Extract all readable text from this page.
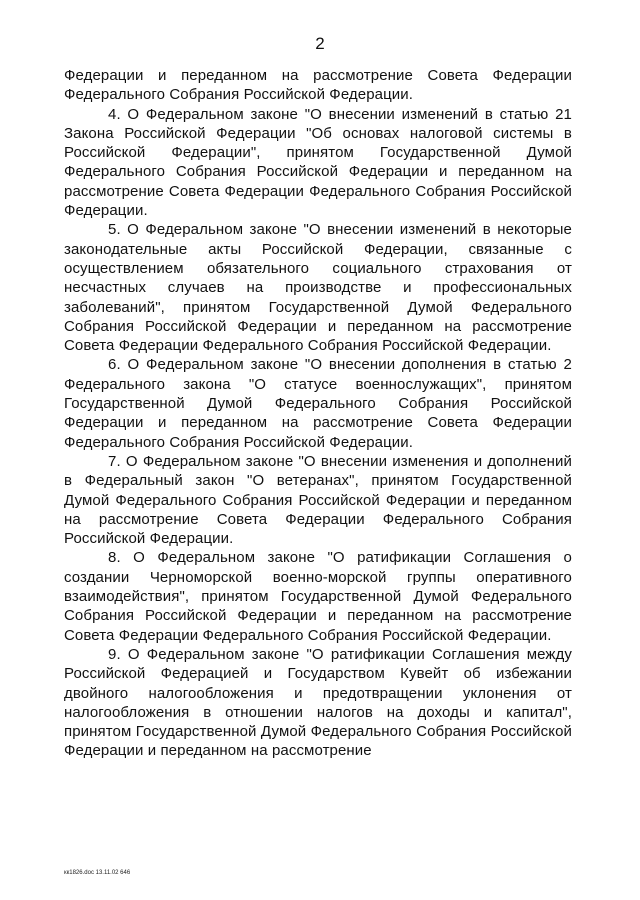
2

Федерации и переданном на рассмотрение Совета Федерации Федерального Собрания Российской Федерации.

4. О Федеральном законе "О внесении изменений в статью 21 Закона Российской Федерации "Об основах налоговой системы в Российской Федерации", принятом Государственной Думой Федерального Собрания Российской Федерации и переданном на рассмотрение Совета Федерации Федерального Собрания Российской Федерации.

5. О Федеральном законе "О внесении изменений в некоторые законодательные акты Российской Федерации, связанные с осуществлением обязательного социального страхования от несчастных случаев на производстве и профессиональных заболеваний", принятом Государственной Думой Федерального Собрания Российской Федерации и переданном на рассмотрение Совета Федерации Федерального Собрания Российской Федерации.

6. О Федеральном законе "О внесении дополнения в статью 2 Федерального закона "О статусе военнослужащих", принятом Государственной Думой Федерального Собрания Российской Федерации и переданном на рассмотрение Совета Федерации Федерального Собрания Российской Федерации.

7. О Федеральном законе "О внесении изменения и дополнений в Федеральный закон "О ветеранах", принятом Государственной Думой Федерального Собрания Российской Федерации и переданном на рассмотрение Совета Федерации Федерального Собрания Российской Федерации.

8. О Федеральном законе "О ратификации Соглашения о создании Черноморской военно-морской группы оперативного взаимодействия", принятом Государственной Думой Федерального Собрания Российской Федерации и переданном на рассмотрение Совета Федерации Федерального Собрания Российской Федерации.

9. О Федеральном законе "О ратификации Соглашения между Российской Федерацией и Государством Кувейт об избежании двойного налогообложения и предотвращении уклонения от налогообложения в отношении налогов на доходы и капитал", принятом Государственной Думой Федерального Собрания Российской Федерации и переданном на рассмотрение

кк1826.doc 13.11.02 646
